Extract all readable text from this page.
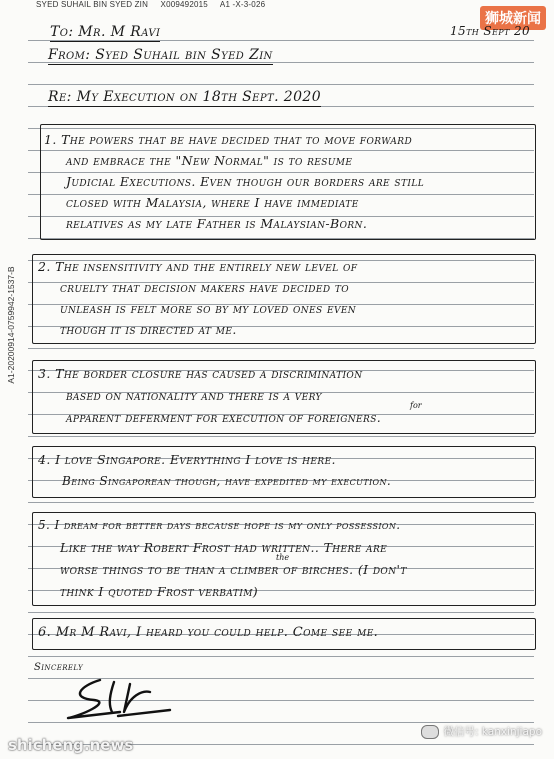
SYED SUHAIL BIN SYED ZIN X009492015 A1 -X-3-026
A1-20200914-0759942-1537-B
狮城新闻
To: Mr. M Ravi	15th Sept 20
From: Syed Suhail bin Syed Zin
Re: My Execution on 18th Sept. 2020
1. The powers that be have decided that to move forward
and embrace the "New Normal" is to resume
Judicial Executions. Even though our borders are still
closed with Malaysia, where I have immediate
relatives as my late Father is Malaysian-Born.
2. The insensitivity and the entirely new level of
cruelty that decision makers have decided to
unleash is felt more so by my loved ones even
though it is directed at me.
3. The border closure has caused a discrimination
based on nationality and there is a very
apparent deferment for execution of foreigners.
for
4. I love Singapore. Everything I love is here.
Being Singaporean though, have expedited my execution.
5. I dream for better days because hope is my only possession.
Like the way Robert Frost had written.. There are
worse things to be than a climber of birches. (I don't
think I quoted Frost verbatim)
the
6. Mr M Ravi, I heard you could help. Come see me.
Sincerely
shicheng.news
微信号: kanxinjiapo
